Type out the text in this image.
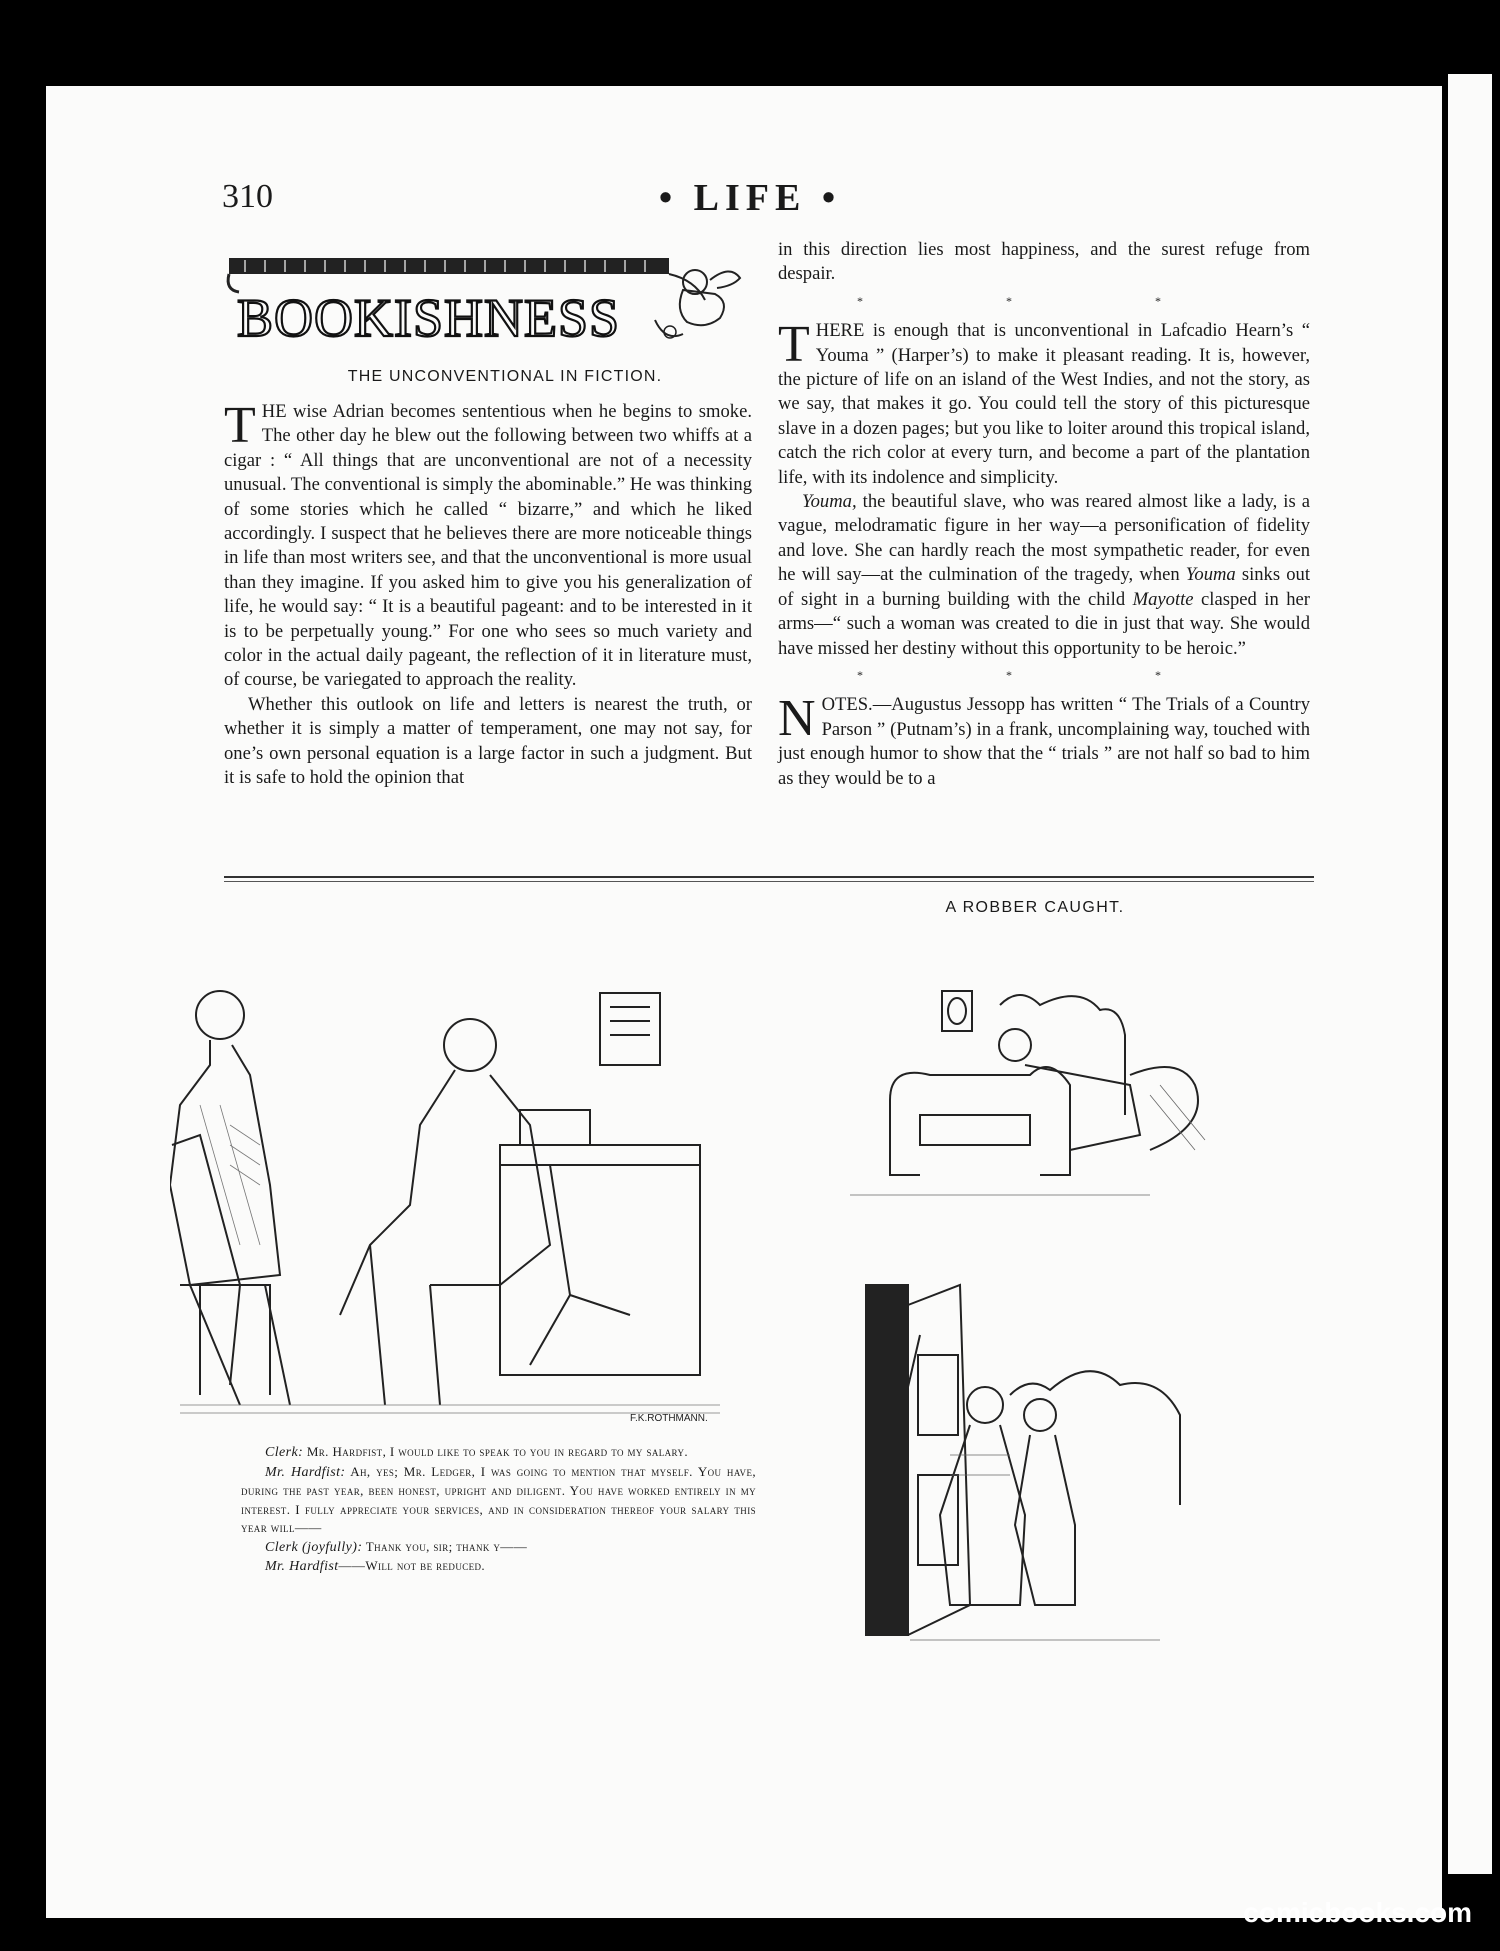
310	• LIFE •
BOOKISHNESS
THE UNCONVENTIONAL IN FICTION.

THE wise Adrian becomes sententious when he begins to smoke. The other day he blew out the following between two whiffs at a cigar : “ All things that are unconventional are not of a necessity unusual. The conventional is simply the abominable.” He was thinking of some stories which he called “ bizarre,” and which he liked accordingly. I suspect that he believes there are more noticeable things in life than most writers see, and that the unconventional is more usual than they imagine. If you asked him to give you his generalization of life, he would say: “ It is a beautiful pageant: and to be interested in it is to be perpetually young.” For one who sees so much variety and color in the actual daily pageant, the reflection of it in literature must, of course, be variegated to approach the reality.

Whether this outlook on life and letters is nearest the truth, or whether it is simply a matter of temperament, one may not say, for one’s own personal equation is a large factor in such a judgment. But it is safe to hold the opinion that

in this direction lies most happiness, and the surest refuge from despair.

* * *

THERE is enough that is unconventional in Lafcadio Hearn’s “ Youma ” (Harper’s) to make it pleasant reading. It is, however, the picture of life on an island of the West Indies, and not the story, as we say, that makes it go. You could tell the story of this picturesque slave in a dozen pages; but you like to loiter around this tropical island, catch the rich color at every turn, and become a part of the plantation life, with its indolence and simplicity.

Youma, the beautiful slave, who was reared almost like a lady, is a vague, melodramatic figure in her way—a personification of fidelity and love. She can hardly reach the most sympathetic reader, for even he will say—at the culmination of the tragedy, when Youma sinks out of sight in a burning building with the child Mayotte clasped in her arms—“ such a woman was created to die in just that way. She would have missed her destiny without this opportunity to be heroic.”

* * *

NOTES.—Augustus Jessopp has written “ The Trials of a Country Parson ” (Putnam’s) in a frank, uncomplaining way, touched with just enough humor to show that the “ trials ” are not half so bad to him as they would be to a

F.K.ROTHMANN.
Clerk: Mr. Hardfist, I would like to speak to you in regard to my salary.
Mr. Hardfist: Ah, yes; Mr. Ledger, I was going to mention that myself. You have, during the past year, been honest, upright and diligent. You have worked entirely in my interest. I fully appreciate your services, and in consideration thereof your salary this year will——
Clerk (joyfully): Thank you, sir; thank y——
Mr. Hardfist——Will not be reduced.
A ROBBER CAUGHT.
comicbooks.com
